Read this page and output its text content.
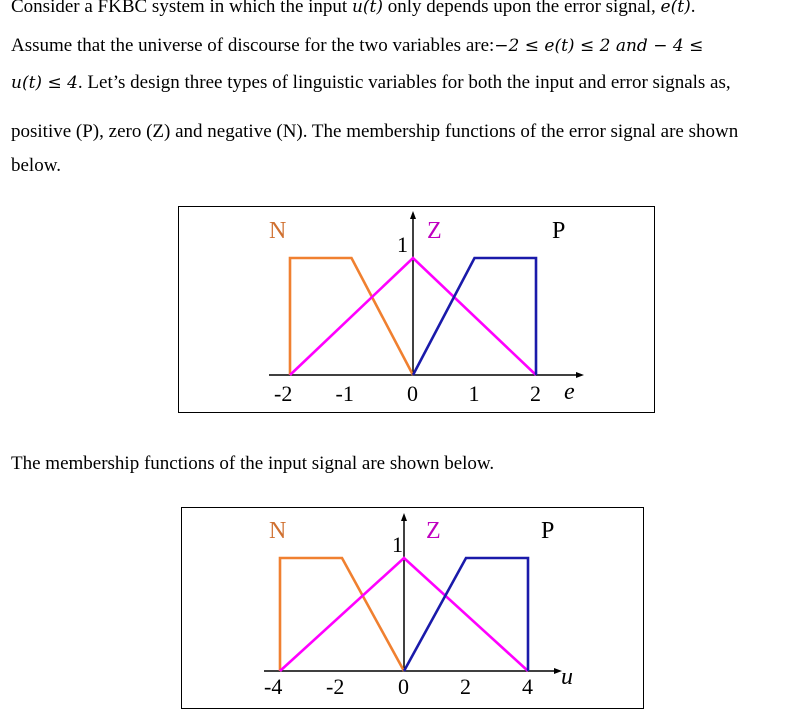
Consider a FKBC system in which the input u(t) only depends upon the error signal, e(t).
Assume that the universe of discourse for the two variables are:−2 ≤ e(t) ≤ 2 and − 4 ≤
u(t) ≤ 4. Let’s design three types of linguistic variables for both the input and error signals as,
positive (P), zero (Z) and negative (N). The membership functions of the error signal are shown
below.
The membership functions of the input signal are shown below.
-2 -1 0 1 2
1
N	Z	P
e
-4 -2 0 2 4
1
N	Z	P
u
